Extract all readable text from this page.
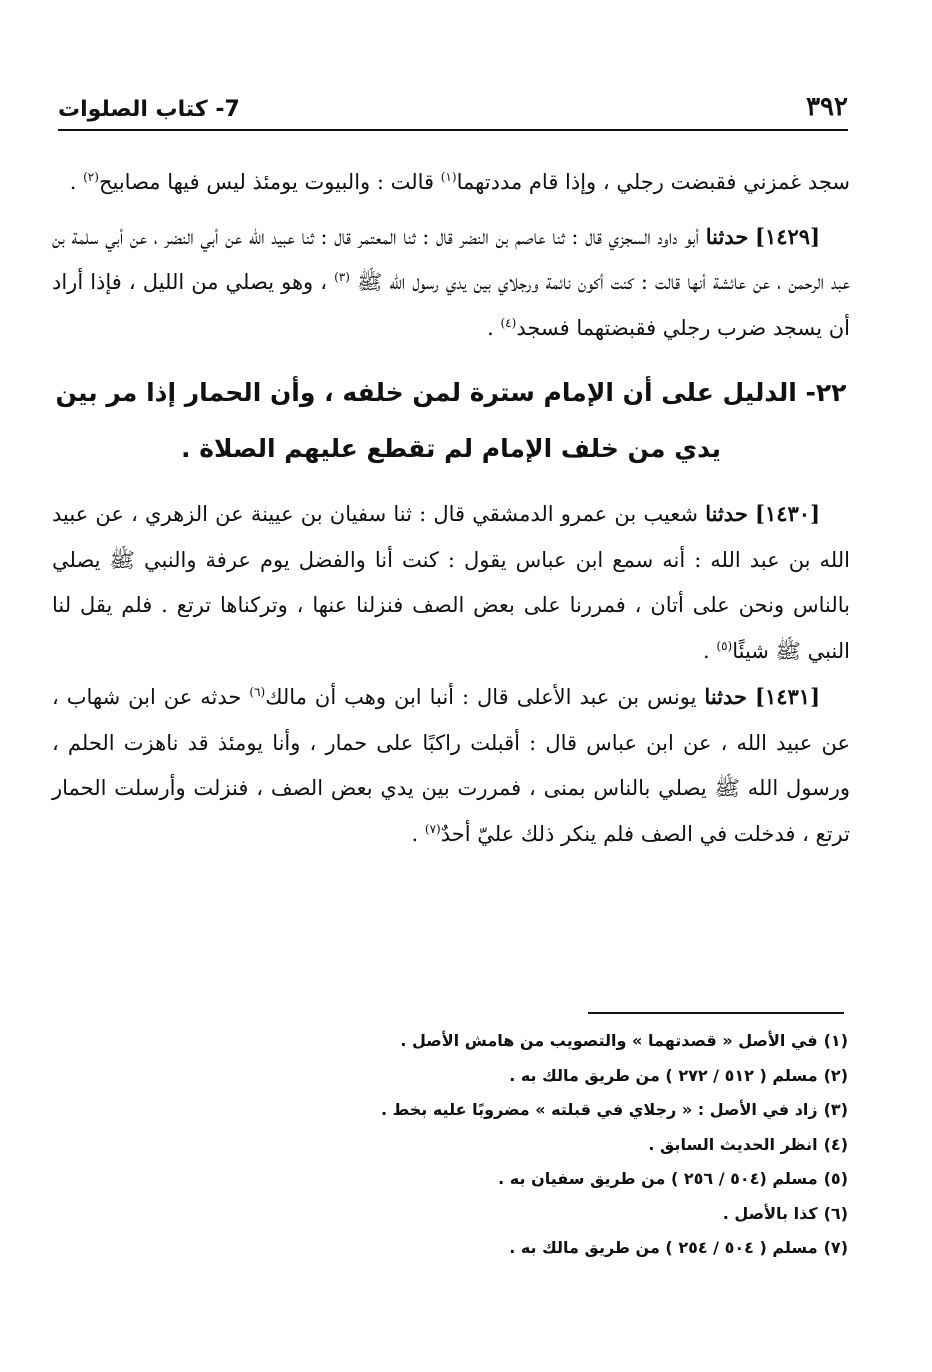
٣٩٢
7- كتاب الصلوات

سجد غمزني فقبضت رجلي ، وإذا قام مددتهما$^{(١)}$ قالت : والبيوت يومئذ ليس فيها مصابيح$^{(٢)}$ .

[١٤٢٩] حدثنا أبو داود السجزي قال : ثنا عاصم بن النضر قال : ثنا المعتمر قال : ثنا عبيد الله عن أبي النضر ، عن أبي سلمة بن عبد الرحمن ، عن عائشة أنها قالت : كنت أكون نائمة ورجلاي بين يدي رسول الله ﷺ $^{(٣)}$ ، وهو يصلي من الليل ، فإذا أراد أن يسجد ضرب رجلي فقبضتهما فسجد$^{(٤)}$ .

٢٢- الدليل على أن الإمام سترة لمن خلفه ، وأن الحمار إذا مر بين يدي من خلف الإمام لم تقطع عليهم الصلاة .

[١٤٣٠] حدثنا شعيب بن عمرو الدمشقي قال : ثنا سفيان بن عيينة عن الزهري ، عن عبيد الله بن عبد الله : أنه سمع ابن عباس يقول : كنت أنا والفضل يوم عرفة والنبي ﷺ يصلي بالناس ونحن على أتان ، فمررنا على بعض الصف فنزلنا عنها ، وتركناها ترتع . فلم يقل لنا النبي ﷺ شيئًا$^{(٥)}$ .

[١٤٣١] حدثنا يونس بن عبد الأعلى قال : أنبا ابن وهب أن مالك$^{(٦)}$ حدثه عن ابن شهاب ، عن عبيد الله ، عن ابن عباس قال : أقبلت راكبًا على حمار ، وأنا يومئذ قد ناهزت الحلم ، ورسول الله ﷺ يصلي بالناس بمنى ، فمررت بين يدي بعض الصف ، فنزلت وأرسلت الحمار ترتع ، فدخلت في الصف فلم ينكر ذلك عليّ أحدٌ$^{(٧)}$ .

(١)في الأصل « قصدتهما » والتصويب من هامش الأصل .
(٢)مسلم ( ٥١٢ / ٢٧٢ ) من طريق مالك به .
(٣)زاد في الأصل : « رجلاي في قبلته » مضروبًا عليه بخط .
(٤)انظر الحديث السابق .
(٥)مسلم (٥٠٤ / ٢٥٦ ) من طريق سفيان به .
(٦)كذا بالأصل .
(٧)مسلم ( ٥٠٤ / ٢٥٤ ) من طريق مالك به .
